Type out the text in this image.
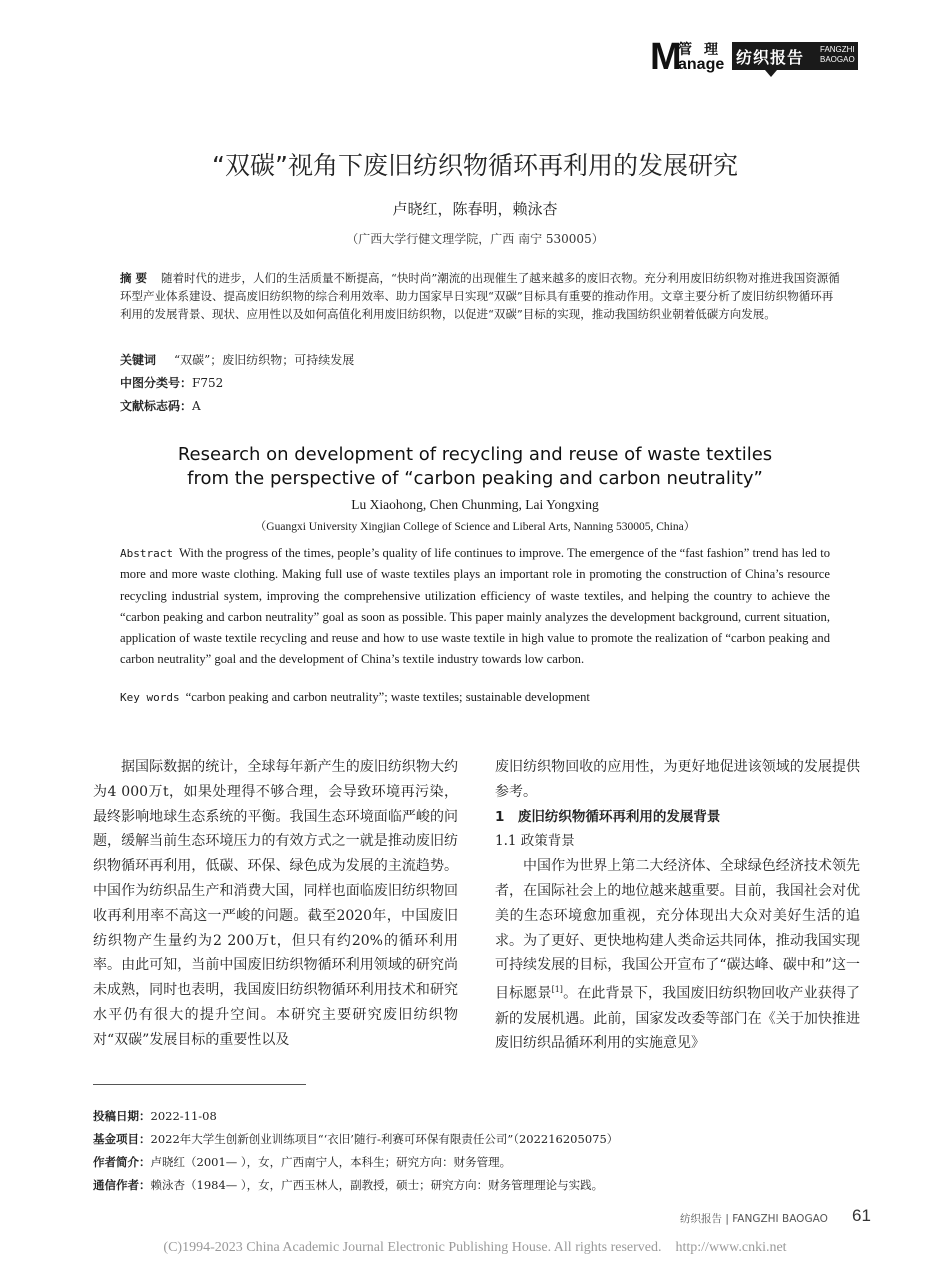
M
管理
anage 纺织报告 FANGZHI
BAOGAO
“双碳”视角下废旧纺织物循环再利用的发展研究
卢晓红，陈春明，赖泳杏
（广西大学行健文理学院，广西 南宁 530005）
摘 要 随着时代的进步，人们的生活质量不断提高，“快时尚”潮流的出现催生了越来越多的废旧衣物。充分利用废旧纺织物对推进我国资源循环型产业体系建设、提高废旧纺织物的综合利用效率、助力国家早日实现“双碳”目标具有重要的推动作用。文章主要分析了废旧纺织物循环再利用的发展背景、现状、应用性以及如何高值化利用废旧纺织物，以促进“双碳”目标的实现，推动我国纺织业朝着低碳方向发展。
关键词 “双碳”；废旧纺织物；可持续发展
中图分类号：F752
文献标志码：A
Research on development of recycling and reuse of waste textiles
from the perspective of “carbon peaking and carbon neutrality”
Lu Xiaohong, Chen Chunming, Lai Yongxing
（Guangxi University Xingjian College of Science and Liberal Arts, Nanning 530005, China）
Abstract With the progress of the times, people’s quality of life continues to improve. The emergence of the “fast fashion” trend has led to more and more waste clothing. Making full use of waste textiles plays an important role in promoting the construction of China’s resource recycling industrial system, improving the comprehensive utilization efficiency of waste textiles, and helping the country to achieve the “carbon peaking and carbon neutrality” goal as soon as possible. This paper mainly analyzes the development background, current situation, application of waste textile recycling and reuse and how to use waste textile in high value to promote the realization of “carbon peaking and carbon neutrality” goal and the development of China’s textile industry towards low carbon.
Key words “carbon peaking and carbon neutrality”; waste textiles; sustainable development
据国际数据的统计，全球每年新产生的废旧纺织物大约为4 000万t，如果处理得不够合理，会导致环境再污染，最终影响地球生态系统的平衡。我国生态环境面临严峻的问题，缓解当前生态环境压力的有效方式之一就是推动废旧纺织物循环再利用，低碳、环保、绿色成为发展的主流趋势。中国作为纺织品生产和消费大国，同样也面临废旧纺织物回收再利用率不高这一严峻的问题。截至2020年，中国废旧纺织物产生量约为2 200万t，但只有约20%的循环利用率。由此可知，当前中国废旧纺织物循环利用领域的研究尚未成熟，同时也表明，我国废旧纺织物循环利用技术和研究水平仍有很大的提升空间。本研究主要研究废旧纺织物对“双碳”发展目标的重要性以及

废旧纺织物回收的应用性，为更好地促进该领域的发展提供参考。

1　废旧纺织物循环再利用的发展背景

1.1 政策背景

中国作为世界上第二大经济体、全球绿色经济技术领先者，在国际社会上的地位越来越重要。目前，我国社会对优美的生态环境愈加重视，充分体现出大众对美好生活的追求。为了更好、更快地构建人类命运共同体，推动我国实现可持续发展的目标，我国公开宣布了“碳达峰、碳中和”这一目标愿景[1]。在此背景下，我国废旧纺织物回收产业获得了新的发展机遇。此前，国家发改委等部门在《关于加快推进废旧纺织品循环利用的实施意见》

投稿日期：2022-11-08
基金项目：2022年大学生创新创业训练项目“‘衣旧’随行-利赛可环保有限责任公司”（202216205075）
作者简介：卢晓红（2001— ），女，广西南宁人，本科生；研究方向：财务管理。
通信作者：赖泳杏（1984— ），女，广西玉林人，副教授，硕士；研究方向：财务管理理论与实践。
纺织报告 | FANGZHI BAOGAO 61
(C)1994-2023 China Academic Journal Electronic Publishing House. All rights reserved.　http://www.cnki.net
